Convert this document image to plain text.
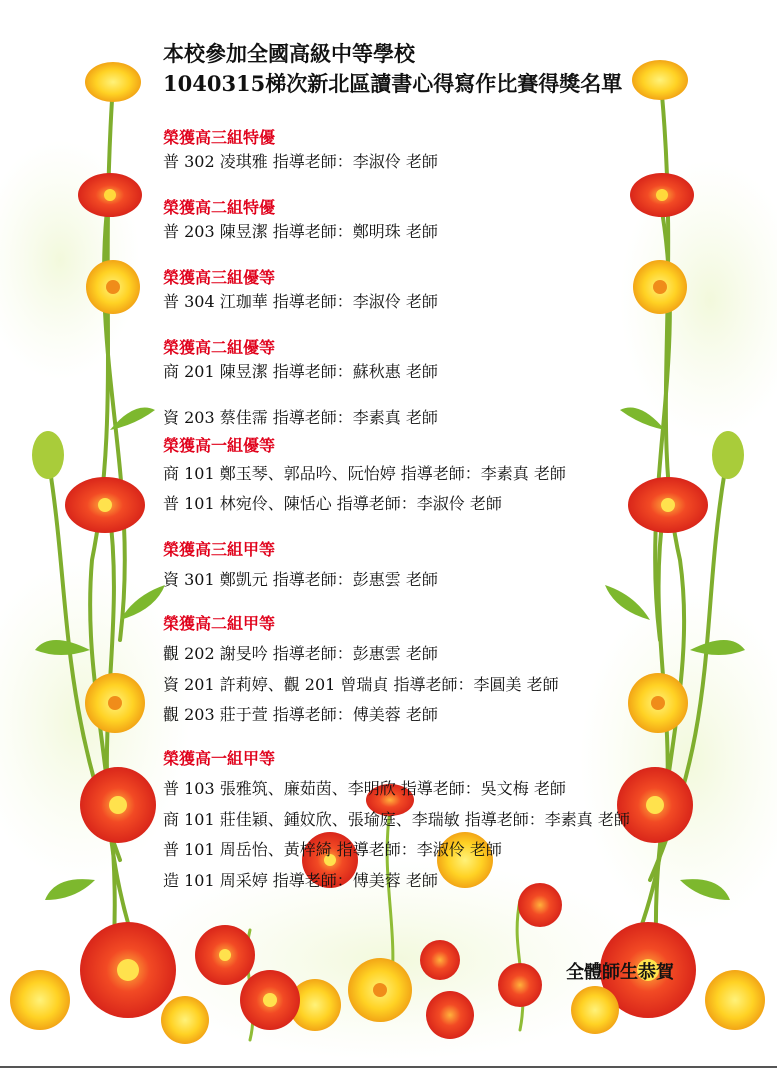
本校參加全國高級中等學校
1040315梯次新北區讀書心得寫作比賽得獎名單

榮獲高三組特優

普 302 凌琪雅 指導老師：李淑伶 老師

榮獲高二組特優

普 203 陳昱潔 指導老師：鄭明珠 老師

榮獲高三組優等

普 304 江珈華 指導老師：李淑伶 老師

榮獲高二組優等

商 201 陳昱潔 指導老師：蘇秋惠 老師

資 203 蔡佳霈 指導老師：李素真 老師

榮獲高一組優等

商 101 鄭玉琴、郭品吟、阮怡婷 指導老師：李素真 老師

普 101 林宛伶、陳恬心 指導老師：李淑伶 老師

榮獲高三組甲等

資 301 鄭凱元 指導老師：彭惠雲 老師

榮獲高二組甲等

觀 202 謝旻吟 指導老師：彭惠雲 老師

資 201 許莉婷、觀 201 曾瑞貞 指導老師：李圓美 老師

觀 203 莊于萱 指導老師：傅美蓉 老師

榮獲高一組甲等

普 103 張雅筑、廉茹茵、李明欣 指導老師：吳文梅 老師

商 101 莊佳穎、鍾妏欣、張瑜庭、李瑞敏 指導老師：李素真 老師

普 101 周岳怡、黃梓綺 指導老師：李淑伶 老師

造 101 周采婷 指導老師：傅美蓉 老師

全體師生恭賀
